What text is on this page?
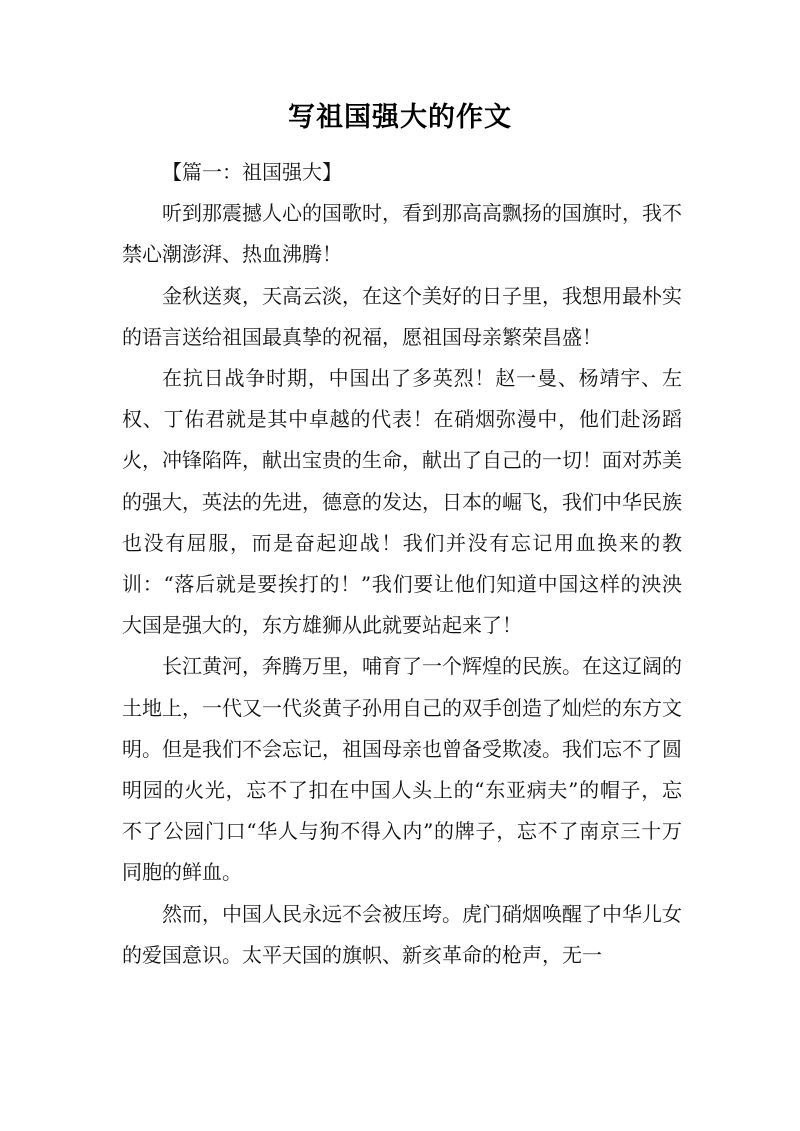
写祖国强大的作文

【篇一：祖国强大】

听到那震撼人心的国歌时，看到那高高飘扬的国旗时，我不禁心潮澎湃、热血沸腾！

金秋送爽，天高云淡，在这个美好的日子里，我想用最朴实的语言送给祖国最真挚的祝福，愿祖国母亲繁荣昌盛！

在抗日战争时期，中国出了多英烈！赵一曼、杨靖宇、左权、丁佑君就是其中卓越的代表！在硝烟弥漫中，他们赴汤蹈火，冲锋陷阵，献出宝贵的生命，献出了自己的一切！面对苏美的强大，英法的先进，德意的发达，日本的崛飞，我们中华民族也没有屈服，而是奋起迎战！我们并没有忘记用血换来的教训：“落后就是要挨打的！”我们要让他们知道中国这样的泱泱大国是强大的，东方雄狮从此就要站起来了！

长江黄河，奔腾万里，哺育了一个辉煌的民族。在这辽阔的土地上，一代又一代炎黄子孙用自己的双手创造了灿烂的东方文明。但是我们不会忘记，祖国母亲也曾备受欺凌。我们忘不了圆明园的火光，忘不了扣在中国人头上的“东亚病夫”的帽子，忘不了公园门口“华人与狗不得入内”的牌子，忘不了南京三十万同胞的鲜血。

然而，中国人民永远不会被压垮。虎门硝烟唤醒了中华儿女的爱国意识。太平天国的旗帜、新亥革命的枪声，无一
